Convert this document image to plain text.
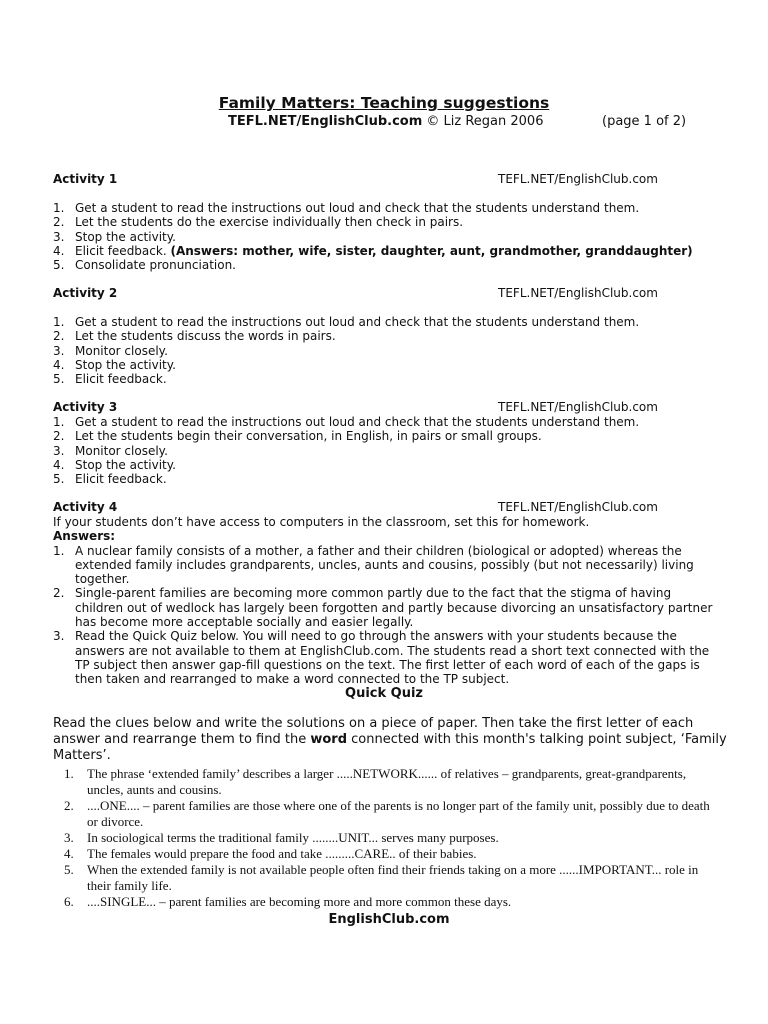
Family Matters: Teaching suggestions
TEFL.NET/EnglishClub.com © Liz Regan 2006	(page 1 of 2)
Activity 1	TEFL.NET/EnglishClub.com
1. Get a student to read the instructions out loud and check that the students understand them.
2. Let the students do the exercise individually then check in pairs.
3. Stop the activity.
4. Elicit feedback. (Answers: mother, wife, sister, daughter, aunt, grandmother, granddaughter)
5. Consolidate pronunciation.
Activity 2	TEFL.NET/EnglishClub.com
1. Get a student to read the instructions out loud and check that the students understand them.
2. Let the students discuss the words in pairs.
3. Monitor closely.
4. Stop the activity.
5. Elicit feedback.
Activity 3	TEFL.NET/EnglishClub.com
1. Get a student to read the instructions out loud and check that the students understand them.
2. Let the students begin their conversation, in English, in pairs or small groups.
3. Monitor closely.
4. Stop the activity.
5. Elicit feedback.
Activity 4	TEFL.NET/EnglishClub.com

If your students don’t have access to computers in the classroom, set this for homework.

Answers:
1. A nuclear family consists of a mother, a father and their children (biological or adopted) whereas the extended family includes grandparents, uncles, aunts and cousins, possibly (but not necessarily) living together.
2. Single-parent families are becoming more common partly due to the fact that the stigma of having children out of wedlock has largely been forgotten and partly because divorcing an unsatisfactory partner has become more acceptable socially and easier legally.
3. Read the Quick Quiz below. You will need to go through the answers with your students because the answers are not available to them at EnglishClub.com. The students read a short text connected with the TP subject then answer gap-fill questions on the text. The first letter of each word of each of the gaps is then taken and rearranged to make a word connected to the TP subject.
Quick Quiz
Read the clues below and write the solutions on a piece of paper. Then take the first letter of each answer and rearrange them to find the word connected with this month's talking point subject, ‘Family Matters’.
1. The phrase ‘extended family’ describes a larger .....NETWORK...... of relatives – grandparents, great-grandparents, uncles, aunts and cousins.
2. ....ONE.... – parent families are those where one of the parents is no longer part of the family unit, possibly due to death or divorce.
3. In sociological terms the traditional family ........UNIT... serves many purposes.
4. The females would prepare the food and take .........CARE.. of their babies.
5. When the extended family is not available people often find their friends taking on a more ......IMPORTANT... role in their family life.
6. ....SINGLE... – parent families are becoming more and more common these days.
EnglishClub.com
